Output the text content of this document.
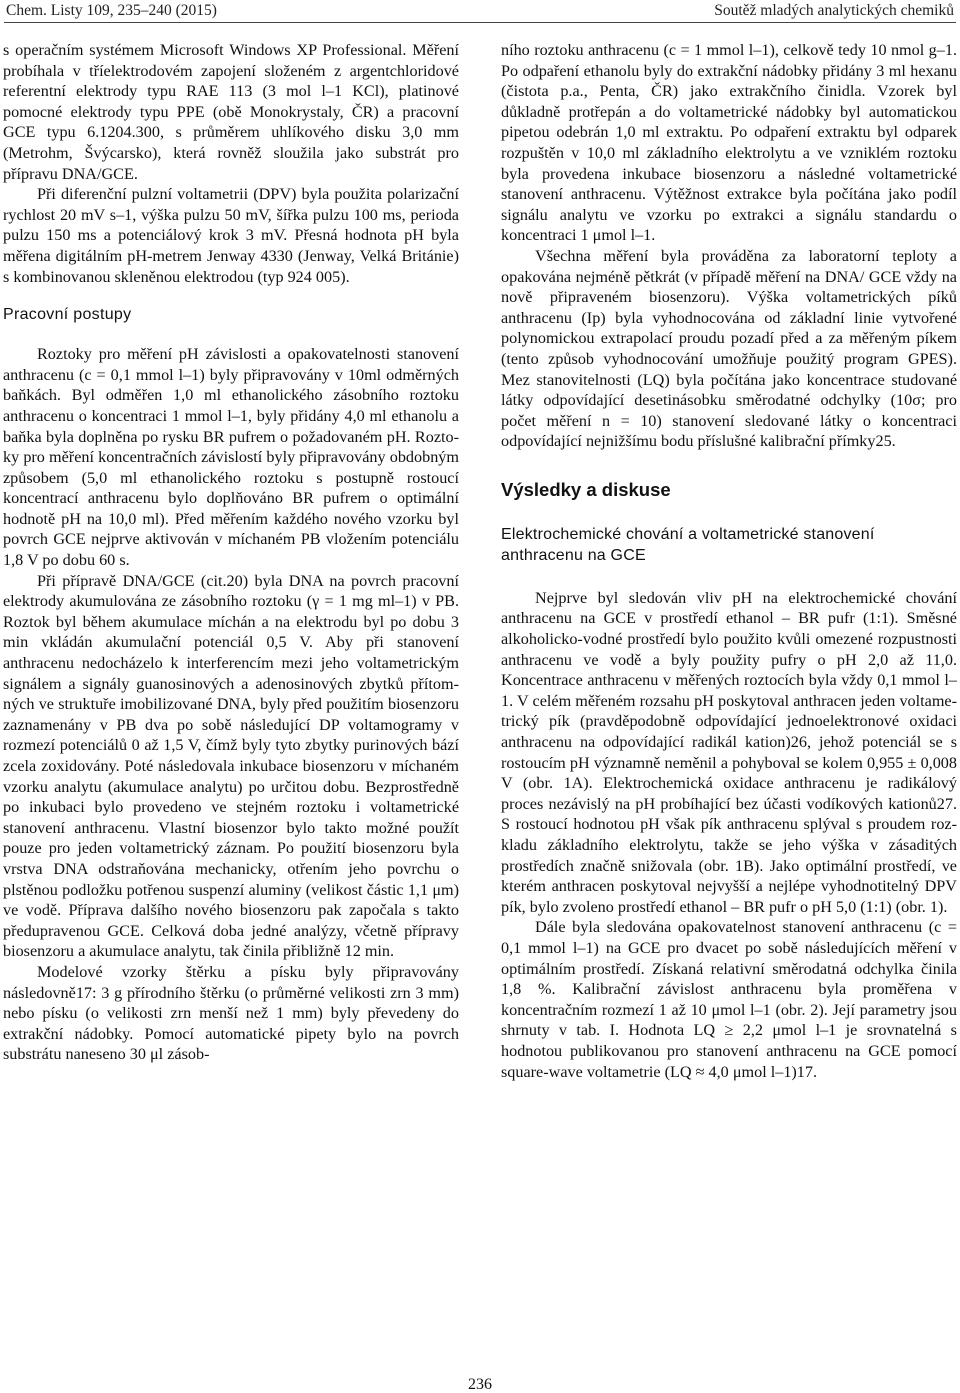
Chem. Listy 109, 235–240 (2015)	Soutěž mladých analytických chemiků

s operačním systémem Microsoft Windows XP Professional. Měření probíhala v tříelektrodovém zapojení složeném z argentchloridové referentní elektrody typu RAE 113 (3 mol l–1 KCl), platinové pomocné elektrody typu PPE (obě Monokrystaly, ČR) a pracovní GCE typu 6.1204.300, s průměrem uhlíkového disku 3,0 mm (Metrohm, Švýcarsko), která rovněž sloužila jako substrát pro přípravu DNA/GCE.

Při diferenční pulzní voltametrii (DPV) byla použita polarizační rychlost 20 mV s–1, výška pulzu 50 mV, šířka pulzu 100 ms, perioda pulzu 150 ms a potenciálový krok 3 mV. Přesná hodnota pH byla měřena digitálním pH-metrem Jenway 4330 (Jenway, Velká Británie) s kombinovanou skleněnou elektrodou (typ 924 005).

Pracovní postupy

Roztoky pro měření pH závislosti a opakovatelnosti stanovení anthracenu (c = 0,1 mmol l–1) byly připravovány v 10ml odměrných baňkách. Byl odměřen 1,0 ml ethanolického zásobního roztoku anthracenu o koncentraci 1 mmol l–1, byly přidány 4,0 ml ethanolu a baňka byla doplněna po rysku BR pufrem o požadovaném pH. Roztoky pro měření koncentračních závislostí byly připravovány obdobným způsobem (5,0 ml ethanolického roztoku s postupně rostoucí koncentrací anthracenu bylo doplňováno BR pufrem o optimální hodnotě pH na 10,0 ml). Před měřením každého nového vzorku byl povrch GCE nejprve aktivován v míchaném PB vložením potenciálu 1,8 V po dobu 60 s.

Při přípravě DNA/GCE (cit.20) byla DNA na povrch pracovní elektrody akumulována ze zásobního roztoku (γ = 1 mg ml–1) v PB. Roztok byl během akumulace míchán a na elektrodu byl po dobu 3 min vkládán akumulační potenciál 0,5 V. Aby při stanovení anthracenu nedocházelo k interferencím mezi jeho voltametrickým signálem a signály guanosinových a adenosinových zbytků přítomných ve struktuře imobilizované DNA, byly před použitím biosenzoru zaznamenány v PB dva po sobě následující DP voltamogramy v rozmezí potenciálů 0 až 1,5 V, čímž byly tyto zbytky purinových bází zcela zoxidovány. Poté následovala inkubace biosenzoru v míchaném vzorku analytu (akumulace analytu) po určitou dobu. Bezprostředně po inkubaci bylo provedeno ve stejném roztoku i voltametrické stanovení anthracenu. Vlastní biosenzor bylo takto možné použít pouze pro jeden voltametrický záznam. Po použití biosenzoru byla vrstva DNA odstraňována mechanicky, otřením jeho povrchu o plstěnou podložku potřenou suspenzí aluminy (velikost částic 1,1 μm) ve vodě. Příprava dalšího nového biosenzoru pak započala s takto předupravenou GCE. Celková doba jedné analýzy, včetně přípravy biosenzoru a akumulace analytu, tak činila přibližně 12 min.

Modelové vzorky štěrku a písku byly připravovány následovně17: 3 g přírodního štěrku (o průměrné velikosti zrn 3 mm) nebo písku (o velikosti zrn menší než 1 mm) byly převedeny do extrakční nádobky. Pomocí automatické pipety bylo na povrch substrátu naneseno 30 μl zásob-

ního roztoku anthracenu (c = 1 mmol l–1), celkově tedy 10 nmol g–1. Po odpaření ethanolu byly do extrakční nádobky přidány 3 ml hexanu (čistota p.a., Penta, ČR) jako extrakčního činidla. Vzorek byl důkladně protřepán a do voltametrické nádobky byl automatickou pipetou odebrán 1,0 ml extraktu. Po odpaření extraktu byl odparek rozpuštěn v 10,0 ml základního elektrolytu a ve vzniklém roztoku byla provedena inkubace biosenzoru a následné voltametrické stanovení anthracenu. Výtěžnost extrakce byla počítána jako podíl signálu analytu ve vzorku po extrakci a signálu standardu o koncentraci 1 μmol l–1.

Všechna měření byla prováděna za laboratorní teploty a opakována nejméně pětkrát (v případě měření na DNA/ GCE vždy na nově připraveném biosenzoru). Výška voltametrických píků anthracenu (Ip) byla vyhodnocována od základní linie vytvořené polynomickou extrapolací proudu pozadí před a za měřeným píkem (tento způsob vyhodnocování umožňuje použitý program GPES). Mez stanovitelnosti (LQ) byla počítána jako koncentrace studované látky odpovídající desetinásobku směrodatné odchylky (10σ; pro počet měření n = 10) stanovení sledované látky o koncentraci odpovídající nejnižšímu bodu příslušné kalibrační přímky25.

Výsledky a diskuse
Elektrochemické chování a voltametrické stanovení anthracenu na GCE

Nejprve byl sledován vliv pH na elektrochemické chování anthracenu na GCE v prostředí ethanol – BR pufr (1:1). Směsné alkoholicko-vodné prostředí bylo použito kvůli omezené rozpustnosti anthracenu ve vodě a byly použity pufry o pH 2,0 až 11,0. Koncentrace anthracenu v měřených roztocích byla vždy 0,1 mmol l–1. V celém měřeném rozsahu pH poskytoval anthracen jeden voltametrický pík (pravděpodobně odpovídající jednoelektronové oxidaci anthracenu na odpovídající radikál kation)26, jehož potenciál se s rostoucím pH významně neměnil a pohyboval se kolem 0,955 ± 0,008 V (obr. 1A). Elektrochemická oxidace anthracenu je radikálový proces nezávislý na pH probíhající bez účasti vodíkových kationů27. S rostoucí hodnotou pH však pík anthracenu splýval s proudem rozkladu základního elektrolytu, takže se jeho výška v zásaditých prostředích značně snižovala (obr. 1B). Jako optimální prostředí, ve kterém anthracen poskytoval nejvyšší a nejlépe vyhodnotitelný DPV pík, bylo zvoleno prostředí ethanol – BR pufr o pH 5,0 (1:1) (obr. 1).

Dále byla sledována opakovatelnost stanovení anthracenu (c = 0,1 mmol l–1) na GCE pro dvacet po sobě následujících měření v optimálním prostředí. Získaná relativní směrodatná odchylka činila 1,8 %. Kalibrační závislost anthracenu byla proměřena v koncentračním rozmezí 1 až 10 μmol l–1 (obr. 2). Její parametry jsou shrnuty v tab. I. Hodnota LQ ≥ 2,2 μmol l–1 je srovnatelná s hodnotou publikovanou pro stanovení anthracenu na GCE pomocí square-wave voltametrie (LQ ≈ 4,0 μmol l–1)17.

236
